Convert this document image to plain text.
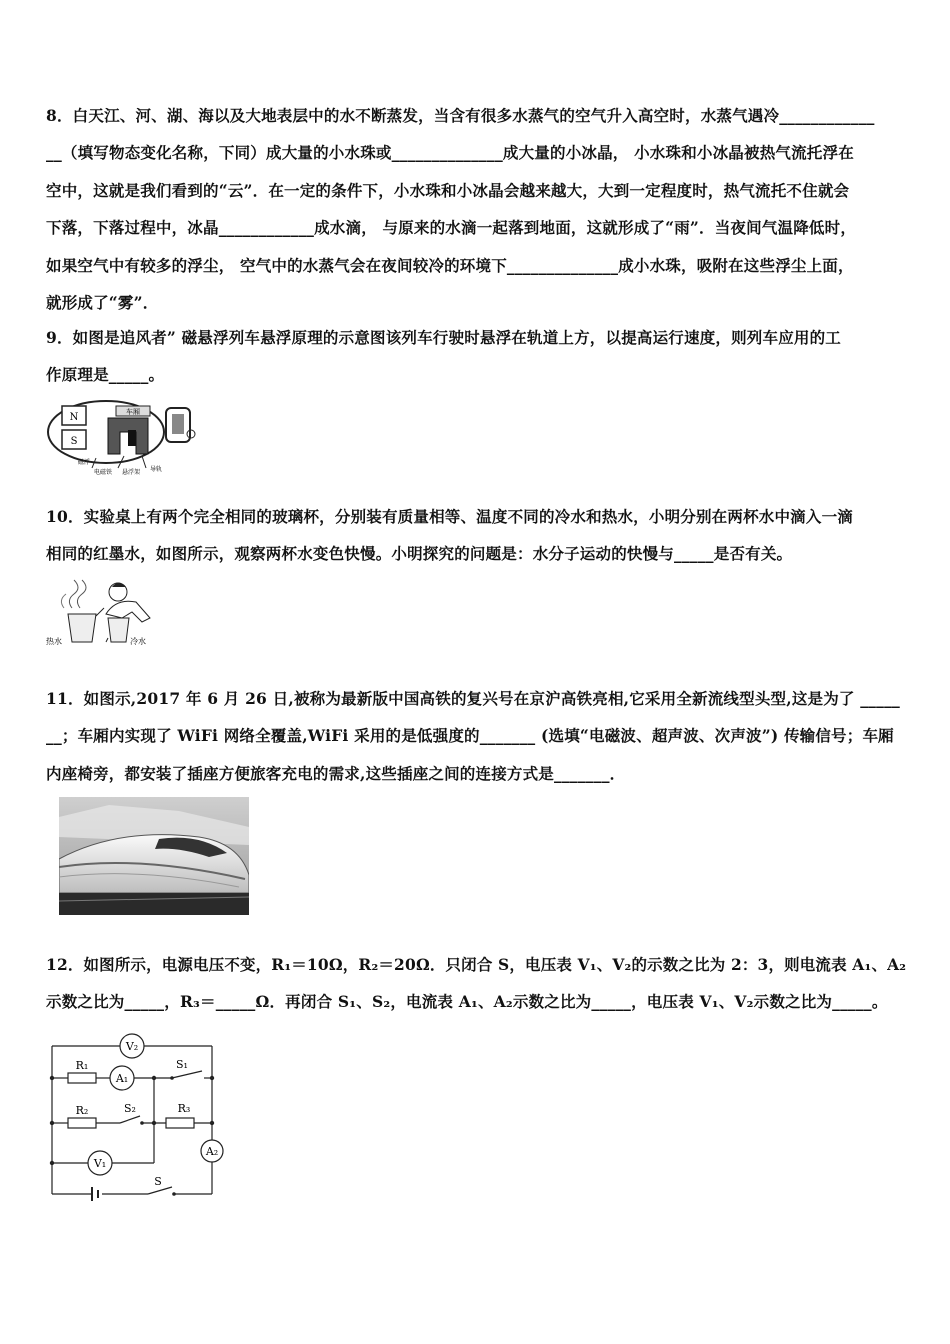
8．白天江、河、湖、海以及大地表层中的水不断蒸发，当含有很多水蒸气的空气升入高空时，水蒸气遇冷____________
__（填写物态变化名称，下同）成大量的小水珠或______________成大量的小冰晶， 小水珠和小冰晶被热气流托浮在
空中，这就是我们看到的“云”．在一定的条件下，小水珠和小冰晶会越来越大，大到一定程度时，热气流托不住就会
下落，下落过程中，冰晶____________成水滴， 与原来的水滴一起落到地面，这就形成了“雨”．当夜间气温降低时，
如果空气中有较多的浮尘， 空气中的水蒸气会在夜间较冷的环境下______________成小水珠，吸附在这些浮尘上面，
就形成了“雾”．
9．如图是追风者” 磁悬浮列车悬浮原理的示意图该列车行驶时悬浮在轨道上方，以提高运行速度，则列车应用的工
作原理是_____。
N
S
车厢
磁浮
电磁铁 悬浮架 导轨
10．实验桌上有两个完全相同的玻璃杯，分别装有质量相等、温度不同的冷水和热水，小明分别在两杯水中滴入一滴
相同的红墨水，如图所示，观察两杯水变色快慢。小明探究的问题是：水分子运动的快慢与_____是否有关。
热水	冷水
11．如图示,2017 年 6 月 26 日,被称为最新版中国高铁的复兴号在京沪高铁亮相,它采用全新流线型头型,这是为了 _____
__；车厢内实现了 WiFi 网络全覆盖,WiFi 采用的是低强度的_______ (选填“电磁波、超声波、次声波”) 传输信号；车厢
内座椅旁，都安装了插座方便旅客充电的需求,这些插座之间的连接方式是_______．
12．如图所示，电源电压不变，R₁＝10Ω，R₂＝20Ω．只闭合 S，电压表 V₁、V₂的示数之比为 2：3，则电流表 A₁、A₂
示数之比为_____，R₃＝_____Ω．再闭合 S₁、S₂，电流表 A₁、A₂示数之比为_____，电压表 V₁、V₂示数之比为_____。
V₂
R₁
A₁
S₁
R₂	S₂	R₃
A₂
V₁
S
